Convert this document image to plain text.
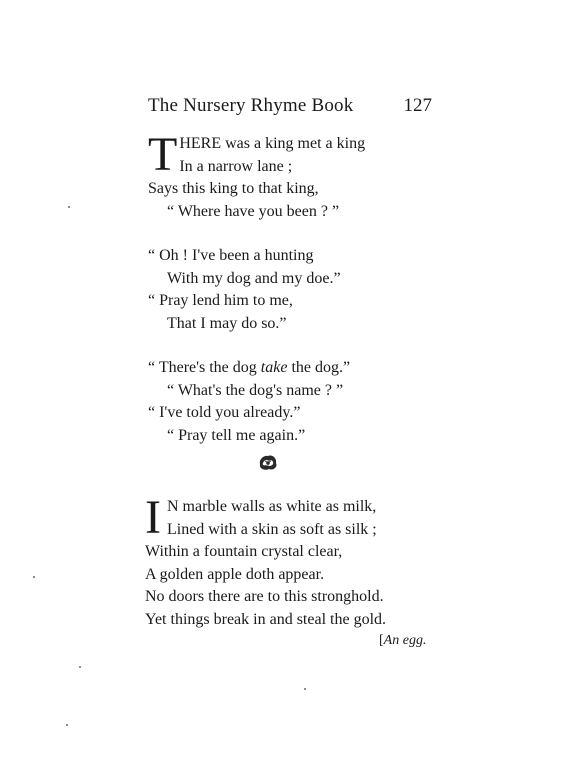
The Nursery Rhyme Book	127
T HERE was a king met a king
In a narrow lane ;
Says this king to that king,
“ Where have you been ? ”
“ Oh ! I've been a hunting
With my dog and my doe.”
“ Pray lend him to me,
That I may do so.”
“ There's the dog take the dog.”
“ What's the dog's name ? ”
“ I've told you already.”
“ Pray tell me again.”
I N marble walls as white as milk,
Lined with a skin as soft as silk ;
Within a fountain crystal clear,
A golden apple doth appear.
No doors there are to this stronghold.
Yet things break in and steal the gold.
[An egg.
